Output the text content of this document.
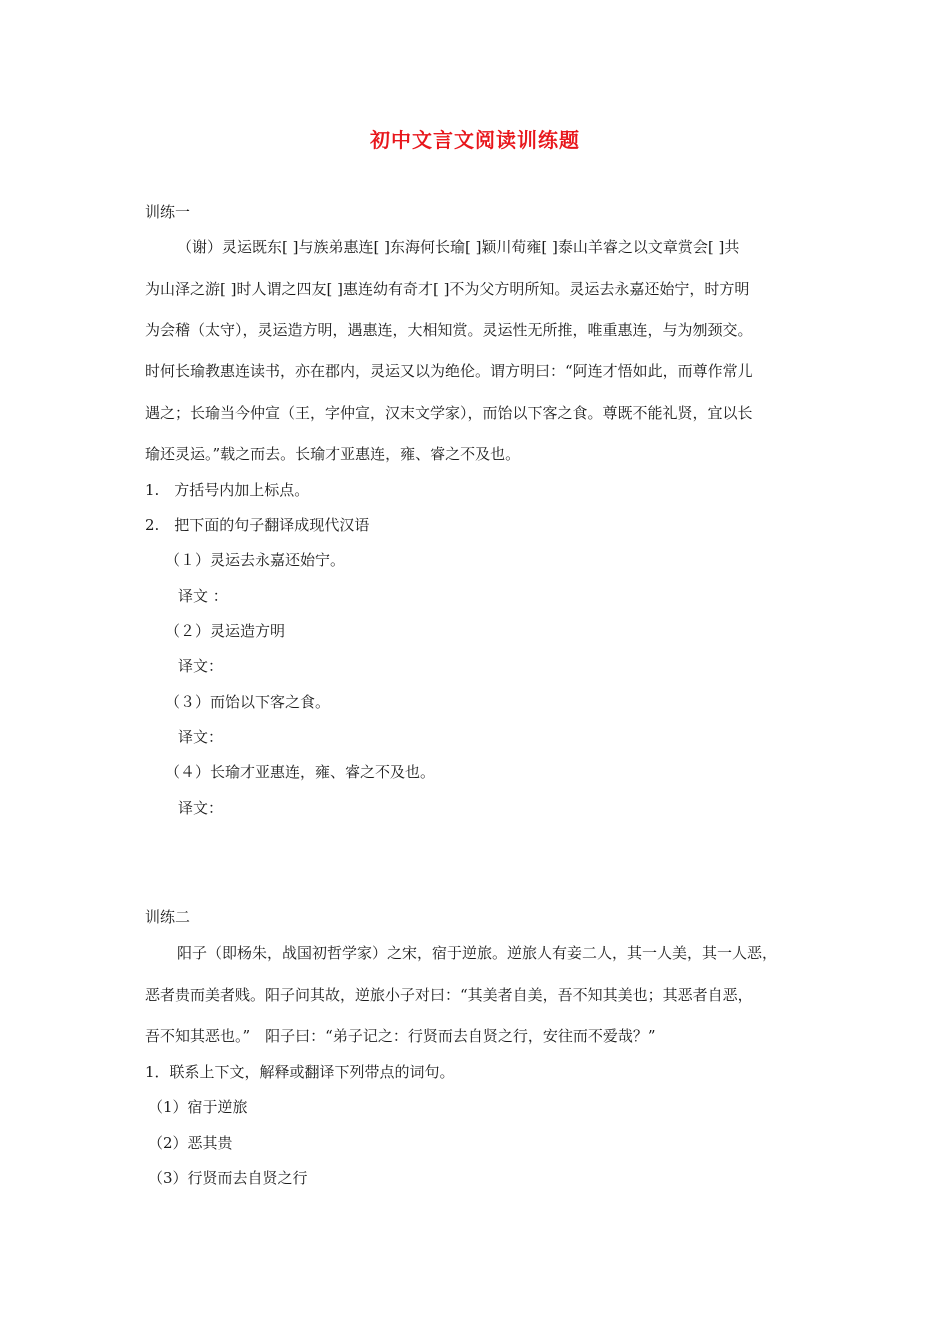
初中文言文阅读训练题
训练一
（谢）灵运既东[ ]与族弟惠连[ ]东海何长瑜[ ]颖川荀雍[ ]泰山羊睿之以文章赏会[ ]共
为山泽之游[ ]时人谓之四友[ ]惠连幼有奇才[ ]不为父方明所知。灵运去永嘉还始宁，时方明
为会稽（太守），灵运造方明，遇惠连，大相知赏。灵运性无所推，唯重惠连，与为刎颈交。
时何长瑜教惠连读书，亦在郡内，灵运又以为绝伦。谓方明曰：“阿连才悟如此，而尊作常儿
遇之；长瑜当今仲宣（王，字仲宣，汉末文学家），而饴以下客之食。尊既不能礼贤，宜以长
瑜还灵运。”载之而去。长瑜才亚惠连，雍、睿之不及也。
1.　方括号内加上标点。
2.　把下面的句子翻译成现代汉语
（１）灵运去永嘉还始宁。
译文 ：
（２）灵运造方明
译文：
（３）而饴以下客之食。
译文：
（４）长瑜才亚惠连，雍、睿之不及也。
译文：
训练二
阳子（即杨朱，战国初哲学家）之宋，宿于逆旅。逆旅人有妾二人，其一人美，其一人恶，
恶者贵而美者贱。阳子问其故，逆旅小子对曰：“其美者自美，吾不知其美也；其恶者自恶，
吾不知其恶也。”　阳子曰：“弟子记之：行贤而去自贤之行，安往而不爱哉？”
1．联系上下文，解释或翻译下列带点的词句。
（1）宿于逆旅
（2）恶其贵
（3）行贤而去自贤之行
